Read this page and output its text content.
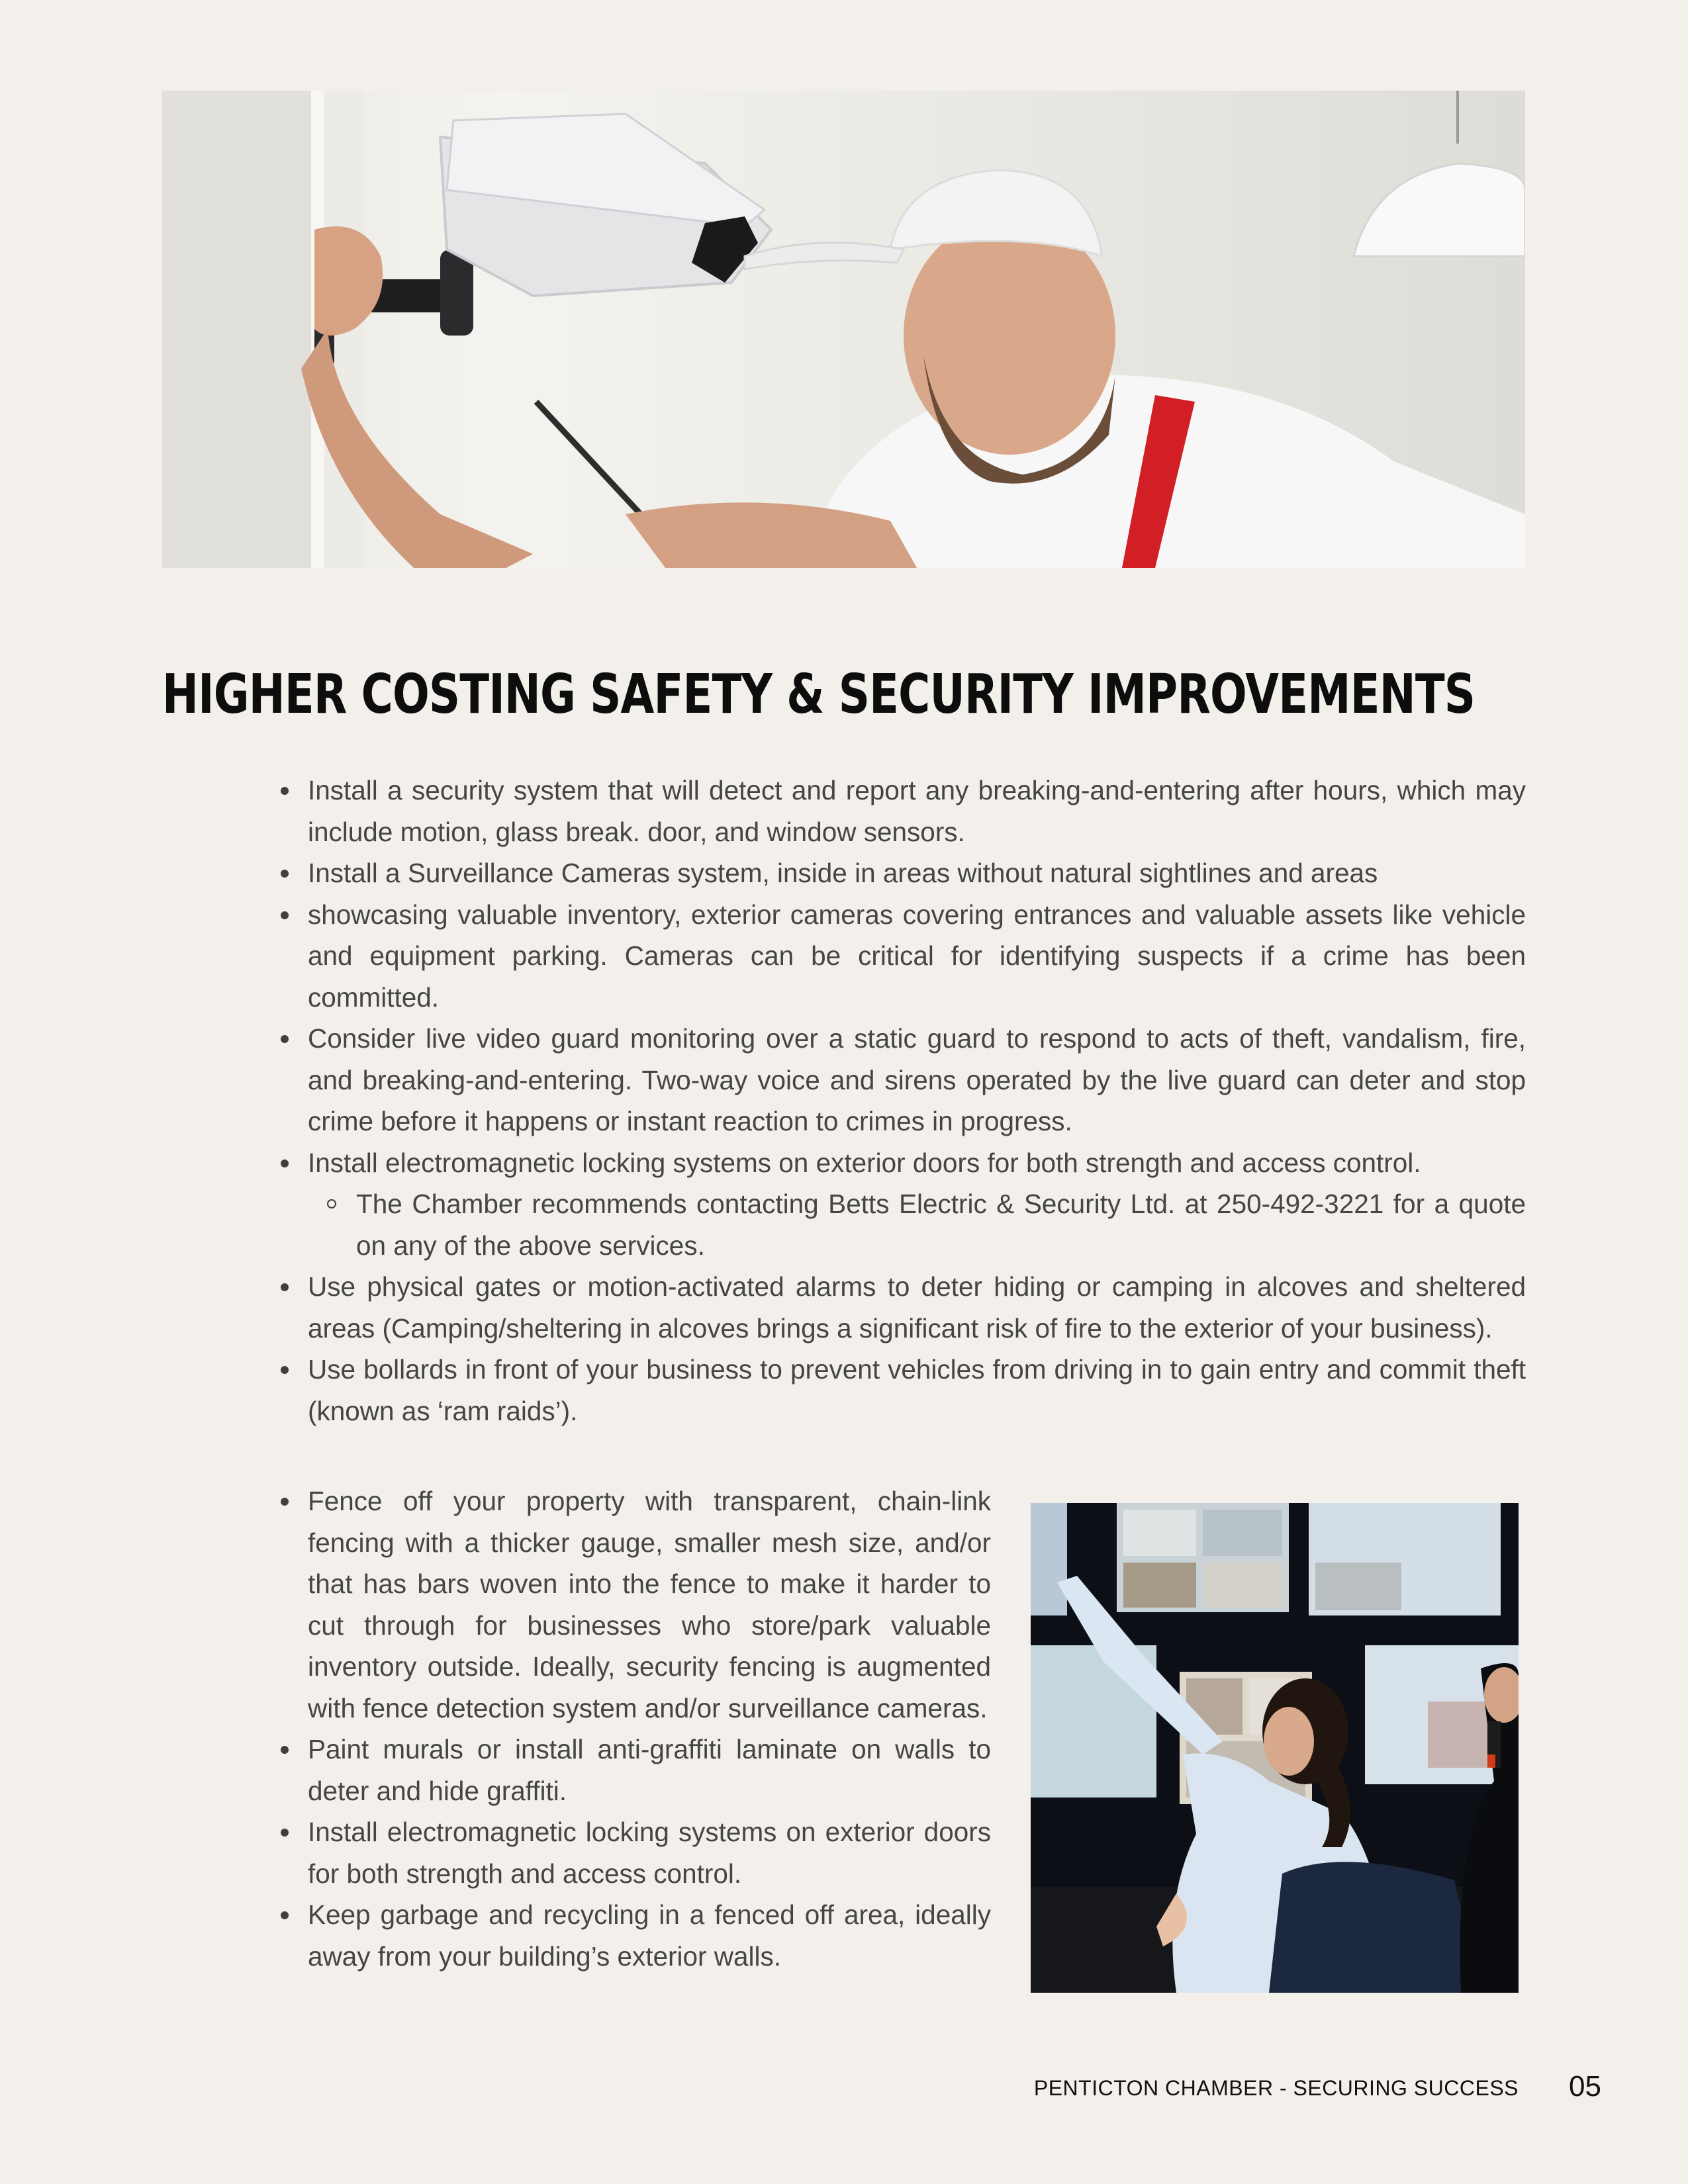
HIGHER COSTING SAFETY & SECURITY IMPROVEMENTS
Install a security system that will detect and report any breaking-and-entering after hours, which may include motion, glass break. door, and window sensors.
Install a Surveillance Cameras system, inside in areas without natural sightlines and areas
showcasing valuable inventory, exterior cameras covering entrances and valuable assets like vehicle and equipment parking. Cameras can be critical for identifying suspects if a crime has been committed.
Consider live video guard monitoring over a static guard to respond to acts of theft, vandalism, fire, and breaking-and-entering. Two-way voice and sirens operated by the live guard can deter and stop crime before it happens or instant reaction to crimes in progress.
Install electromagnetic locking systems on exterior doors for both strength and access control.
The Chamber recommends contacting Betts Electric & Security Ltd. at 250-492-3221 for a quote on any of the above services.
Use physical gates or motion-activated alarms to deter hiding or camping in alcoves and sheltered areas (Camping/sheltering in alcoves brings a significant risk of fire to the exterior of your business).
Use bollards in front of your business to prevent vehicles from driving in to gain entry and commit theft (known as ‘ram raids’).
Fence off your property with transparent, chain-link fencing with a thicker gauge, smaller mesh size, and/or that has bars woven into the fence to make it harder to cut through for businesses who store/park valuable inventory outside. Ideally, security fencing is augmented with fence detection system and/or surveillance cameras.
Paint murals or install anti-graffiti laminate on walls to deter and hide graffiti.
Install electromagnetic locking systems on exterior doors for both strength and access control.
Keep garbage and recycling in a fenced off area, ideally away from your building’s exterior walls.
PENTICTON CHAMBER - SECURING SUCCESS 05
